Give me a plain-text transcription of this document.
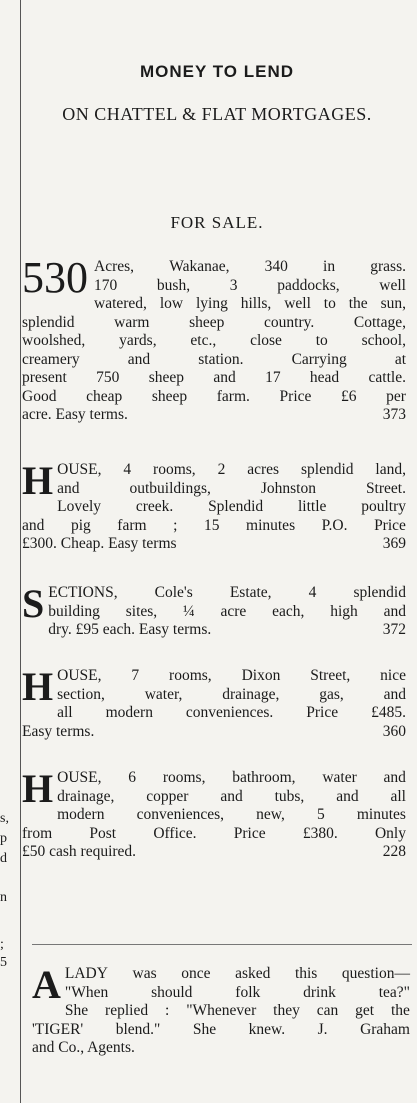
s,
p
d
n
;
5
MONEY TO LEND
ON CHATTEL & FLAT MORTGAGES.
FOR SALE.
530 Acres, Wakanae, 340 in grass.
170	bush,	3	paddocks,	well
watered, low lying hills, well to the sun,
splendid	warm	sheep	country.	Cottage,
woolshed, yards, etc., close to school,
creamery	and	station.	Carrying	at
present 750 sheep and 17 head cattle.
Good cheap sheep farm. Price £6 per
acre. Easy terms.	373
H OUSE, 4 rooms, 2 acres splendid land,
and	outbuildings,	Johnston	Street.
Lovely creek. Splendid little poultry
and pig farm ; 15 minutes P.O. Price
£300. Cheap. Easy terms	369
S ECTIONS, Cole's Estate, 4 splendid
building sites, ¼ acre each, high and
dry. £95 each. Easy terms.	372
H OUSE, 7 rooms, Dixon Street, nice
section,	water,	drainage,	gas,	and
all modern conveniences. Price £485.
Easy terms.	360
H OUSE, 6 rooms, bathroom, water and
drainage, copper and tubs, and all
modern conveniences, new, 5 minutes
from Post Office. Price £380. Only
£50 cash required.	228
A LADY was once asked this question—
"When	should	folk	drink	tea?"
She replied : "Whenever they can get the
'TIGER' blend." She knew. J. Graham
and Co., Agents.
